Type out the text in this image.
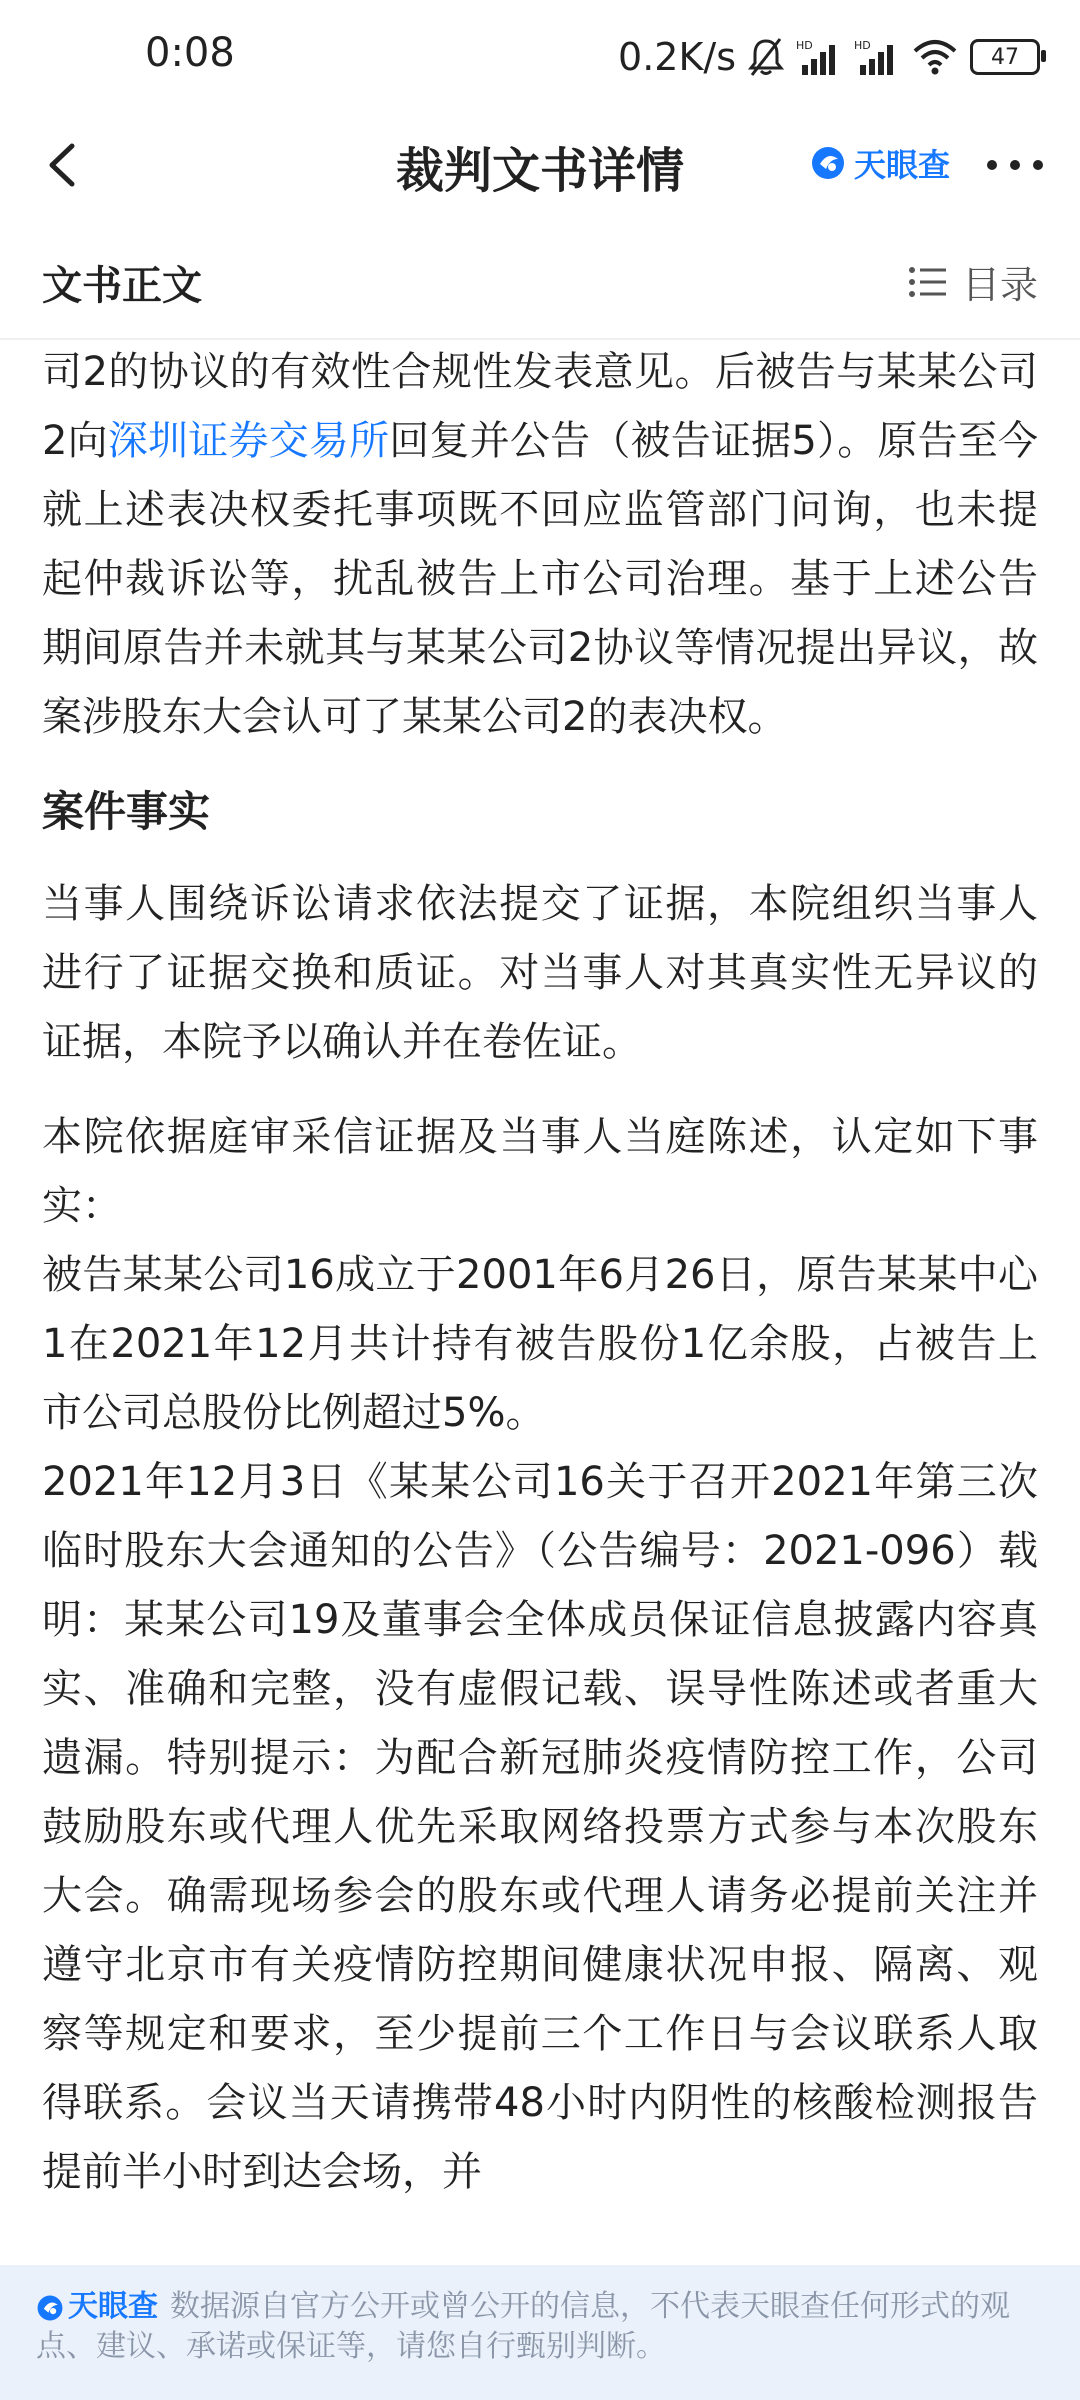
0:08	0.2K/s	HD	HD	47
裁判文书详情	天眼查
文书正文	目录

司2的协议的有效性合规性发表意见。后被告与某某公司2向深圳证券交易所回复并公告（被告证据5）。原告至今就上述表决权委托事项既不回应监管部门问询，也未提起仲裁诉讼等，扰乱被告上市公司治理。基于上述公告期间原告并未就其与某某公司2协议等情况提出异议，故案涉股东大会认可了某某公司2的表决权。

案件事实

当事人围绕诉讼请求依法提交了证据，本院组织当事人进行了证据交换和质证。对当事人对其真实性无异议的证据，本院予以确认并在卷佐证。

本院依据庭审采信证据及当事人当庭陈述，认定如下事实：

被告某某公司16成立于2001年6月26日，原告某某中心1在2021年12月共计持有被告股份1亿余股，占被告上市公司总股份比例超过5%。

2021年12月3日《某某公司16关于召开2021年第三次临时股东大会通知的公告》（公告编号：2021-096）载明：某某公司19及董事会全体成员保证信息披露内容真实、准确和完整，没有虚假记载、误导性陈述或者重大遗漏。特别提示：为配合新冠肺炎疫情防控工作，公司鼓励股东或代理人优先采取网络投票方式参与本次股东大会。确需现场参会的股东或代理人请务必提前关注并遵守北京市有关疫情防控期间健康状况申报、隔离、观察等规定和要求，至少提前三个工作日与会议联系人取得联系。会议当天请携带48小时内阴性的核酸检测报告提前半小时到达会场，并

天眼查 数据源自官方公开或曾公开的信息，不代表天眼查任何形式的观点、建议、承诺或保证等，请您自行甄别判断。
